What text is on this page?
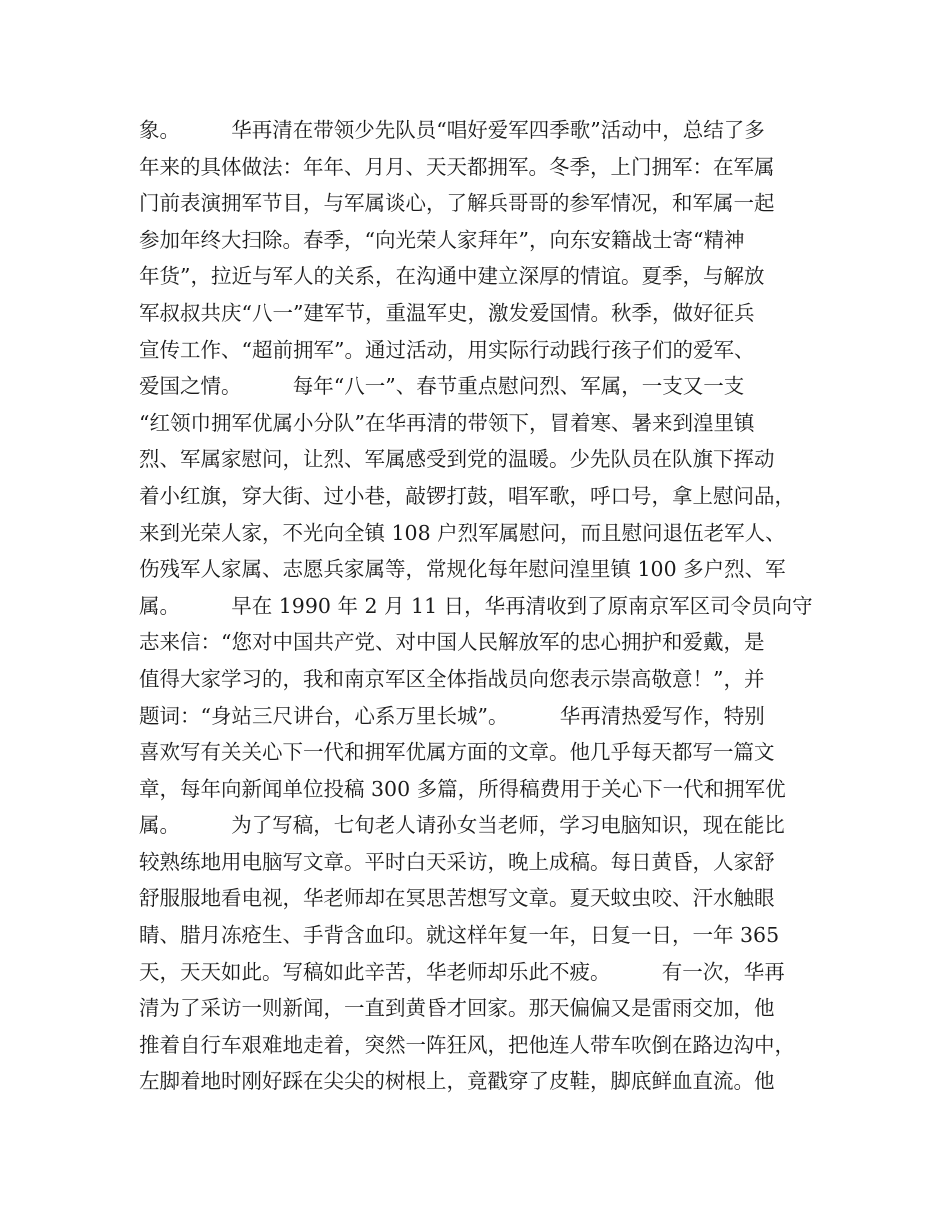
象。　　　华再清在带领少先队员“唱好爱军四季歌”活动中，总结了多
年来的具体做法：年年、月月、天天都拥军。冬季，上门拥军：在军属
门前表演拥军节目，与军属谈心，了解兵哥哥的参军情况，和军属一起
参加年终大扫除。春季，“向光荣人家拜年”，向东安籍战士寄“精神
年货”，拉近与军人的关系，在沟通中建立深厚的情谊。夏季，与解放
军叔叔共庆“八一”建军节，重温军史，激发爱国情。秋季，做好征兵
宣传工作、“超前拥军”。通过活动，用实际行动践行孩子们的爱军、
爱国之情。　　　每年“八一”、春节重点慰问烈、军属，一支又一支
“红领巾拥军优属小分队”在华再清的带领下，冒着寒、暑来到湟里镇
烈、军属家慰问，让烈、军属感受到党的温暖。少先队员在队旗下挥动
着小红旗，穿大街、过小巷，敲锣打鼓，唱军歌，呼口号，拿上慰问品，
来到光荣人家，不光向全镇 108 户烈军属慰问，而且慰问退伍老军人、
伤残军人家属、志愿兵家属等，常规化每年慰问湟里镇 100 多户烈、军
属。　　　早在 1990 年 2 月 11 日，华再清收到了原南京军区司令员向守
志来信：“您对中国共产党、对中国人民解放军的忠心拥护和爱戴，是
值得大家学习的，我和南京军区全体指战员向您表示崇高敬意！”，并
题词：“身站三尺讲台，心系万里长城”。　　　华再清热爱写作，特别
喜欢写有关关心下一代和拥军优属方面的文章。他几乎每天都写一篇文
章，每年向新闻单位投稿 300 多篇，所得稿费用于关心下一代和拥军优
属。　　　为了写稿，七旬老人请孙女当老师，学习电脑知识，现在能比
较熟练地用电脑写文章。平时白天采访，晚上成稿。每日黄昏，人家舒
舒服服地看电视，华老师却在冥思苦想写文章。夏天蚊虫咬、汗水触眼
睛、腊月冻疮生、手背含血印。就这样年复一年，日复一日，一年 365
天，天天如此。写稿如此辛苦，华老师却乐此不疲。　　　有一次，华再
清为了采访一则新闻，一直到黄昏才回家。那天偏偏又是雷雨交加，他
推着自行车艰难地走着，突然一阵狂风，把他连人带车吹倒在路边沟中，
左脚着地时刚好踩在尖尖的树根上，竟戳穿了皮鞋，脚底鲜血直流。他
